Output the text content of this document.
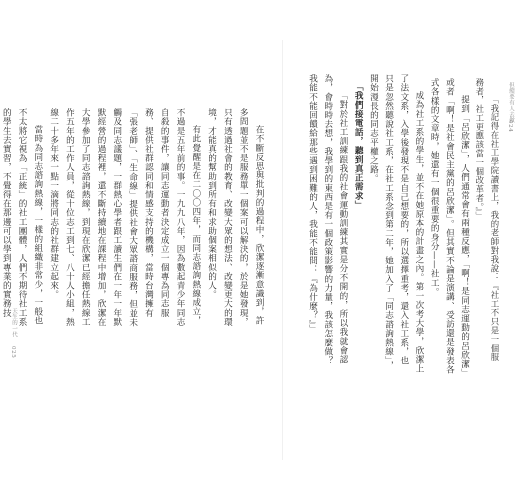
但總要有人去做
024

「我記得在社工學院讀書上，我的老師對我說：『社工不只是一個服務者，社工更應該當一個改革者。』」

提到「呂欣潔」，人們通常會有兩種反應，「啊！是同志運動的呂欣潔」或者「啊！是社會民主黨的呂欣潔」。但其實不論是演講、受訪還是發表各式各樣的文章時，她還有一個很重要的身分——社工。

成為社工系的學生，並不在她原本的計畫之內。第一次考大學，欣潔上了法文系，入學後發現不是自己想要的，所以選擇重考，還入社工系，也只是忽然聽說社工系，在社工系念到第二年，她加入了「同志諮詢熱線」，開始漫長的同志平權之路。

「我們接電話，聽到真正需求」

「對於社工訓練跟我的社會運動訓練其實是分不開的，所以我就會認為，會時時去想，我學到的東西是有一個政策影響的力量，我該怎麼做？我能不能回饋給那些遇到困難的人，我能不能問：『為什麼？』」

在不斷反思與批判的過程中，欣潔逐漸意識到，許多問題並不是服務單一個案可以解決的，於是她發現，只有透過社會的教育、改變大眾的想法、改變更大的環境，才能真的幫助到所有和求助個案相似的人。

有此覺醒是在二〇〇四年，而同志諮詢熱線成立，不過是五年前的事。一九九八年，因為數起青少年同志自殺的事件，讓同志運動者決定成立一個專為同志服務、提供社群認同和情感支持的機構，當時台灣擁有「張老師」、「生命線」提供社會大眾諮商服務，但並未觸及同志議題，一群熱心學者跟工讀生們在一年一年默默經營的過程裡，還不斷持續地在課程中增加，欣潔在大學參加了同志諮詢熱線，到現在欣潔已經擔任熱線工作五年的工作人員，從十位志工到七、八十人小組，熱線二十多年來一點一滴將同志的社群建立起來。

當時為同志諮詢熱線，一樣的組織非常少，一般也不太將它視為「正統」的社工團體，人們不期待社工系的學生去實習，不覺得在那邊可以學到專業的實務技 天生的一代
025
